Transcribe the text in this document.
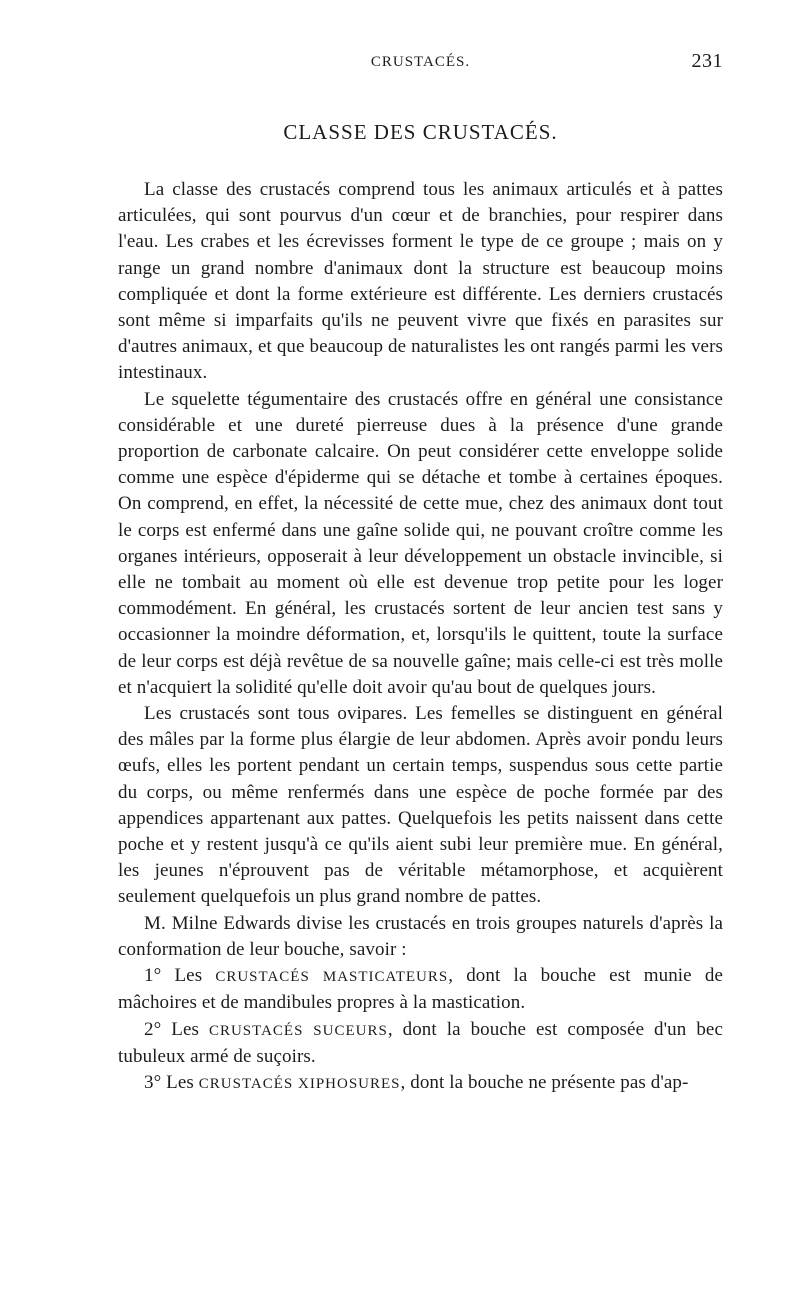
CRUSTACÉS.	231
CLASSE DES CRUSTACÉS.

La classe des crustacés comprend tous les animaux articulés et à pattes articulées, qui sont pourvus d'un cœur et de branchies, pour respirer dans l'eau. Les crabes et les écrevisses forment le type de ce groupe ; mais on y range un grand nombre d'animaux dont la structure est beaucoup moins compliquée et dont la forme extérieure est différente. Les derniers crustacés sont même si imparfaits qu'ils ne peuvent vivre que fixés en parasites sur d'autres animaux, et que beaucoup de naturalistes les ont rangés parmi les vers intestinaux.

Le squelette tégumentaire des crustacés offre en général une consistance considérable et une dureté pierreuse dues à la présence d'une grande proportion de carbonate calcaire. On peut considérer cette enveloppe solide comme une espèce d'épiderme qui se détache et tombe à certaines époques. On comprend, en effet, la nécessité de cette mue, chez des animaux dont tout le corps est enfermé dans une gaîne solide qui, ne pouvant croître comme les organes intérieurs, opposerait à leur développement un obstacle invincible, si elle ne tombait au moment où elle est devenue trop petite pour les loger commodément. En général, les crustacés sortent de leur ancien test sans y occasionner la moindre déformation, et, lorsqu'ils le quittent, toute la surface de leur corps est déjà revêtue de sa nouvelle gaîne; mais celle-ci est très molle et n'acquiert la solidité qu'elle doit avoir qu'au bout de quelques jours.

Les crustacés sont tous ovipares. Les femelles se distinguent en général des mâles par la forme plus élargie de leur abdomen. Après avoir pondu leurs œufs, elles les portent pendant un certain temps, suspendus sous cette partie du corps, ou même renfermés dans une espèce de poche formée par des appendices appartenant aux pattes. Quelquefois les petits naissent dans cette poche et y restent jusqu'à ce qu'ils aient subi leur première mue. En général, les jeunes n'éprouvent pas de véritable métamorphose, et acquièrent seulement quelquefois un plus grand nombre de pattes.

M. Milne Edwards divise les crustacés en trois groupes naturels d'après la conformation de leur bouche, savoir :

1° Les CRUSTACÉS MASTICATEURS, dont la bouche est munie de mâchoires et de mandibules propres à la mastication.

2° Les CRUSTACÉS SUCEURS, dont la bouche est composée d'un bec tubuleux armé de suçoirs.

3° Les CRUSTACÉS XIPHOSURES, dont la bouche ne présente pas d'ap-
